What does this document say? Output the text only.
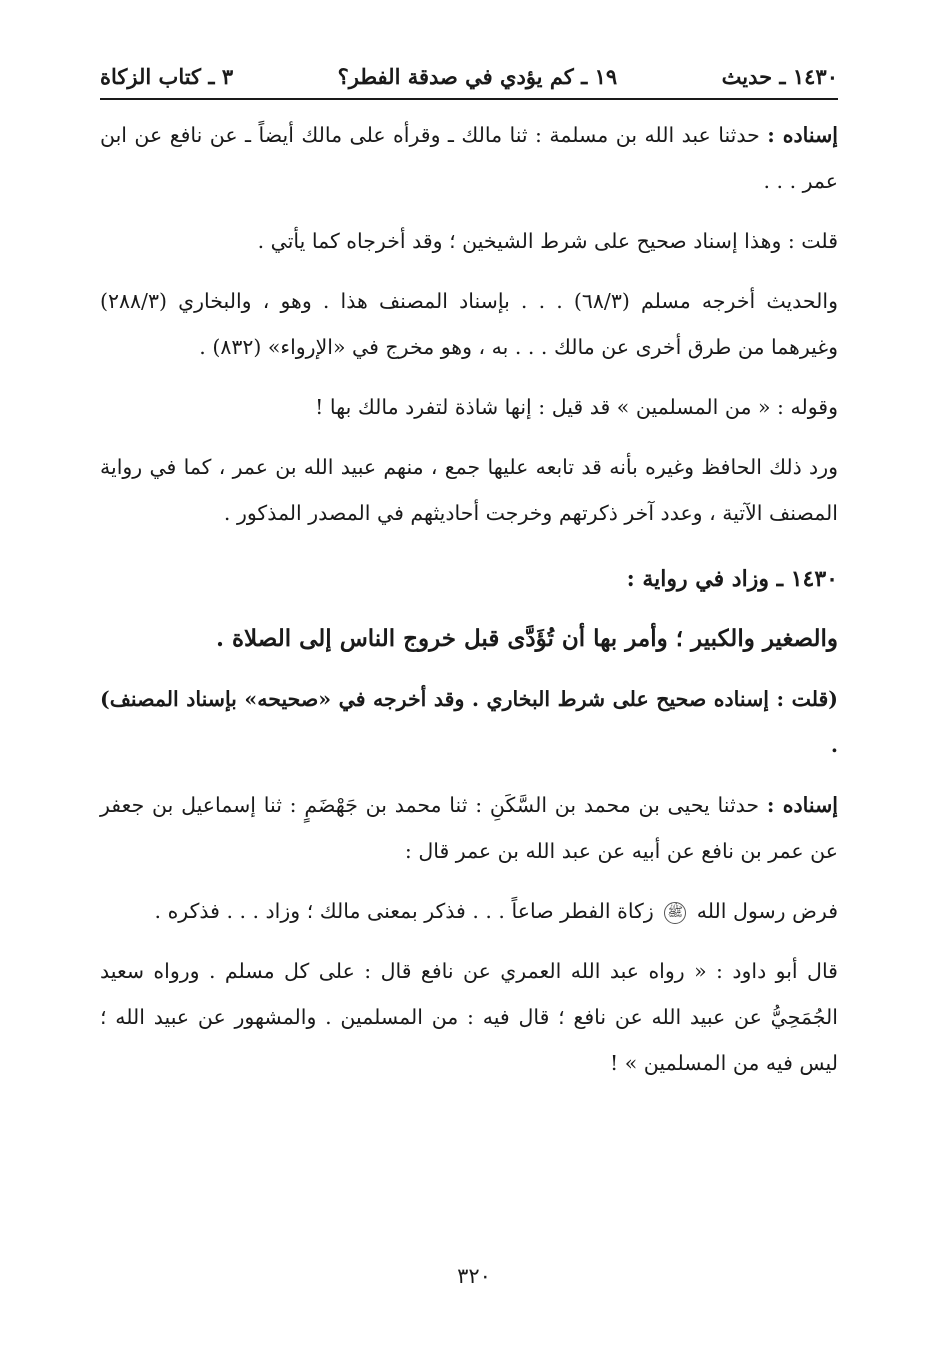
٣ ـ كتاب الزكاة	١٩ ـ كم يؤدي في صدقة الفطر؟	١٤٣٠ ـ حديث

إسناده : حدثنا عبد الله بن مسلمة : ثنا مالك ـ وقرأه على مالك أيضاً ـ عن نافع عن ابن عمر . . .

قلت : وهذا إسناد صحيح على شرط الشيخين ؛ وقد أخرجاه كما يأتي .

والحديث أخرجه مسلم (٦٨/٣) . . . بإسناد المصنف هذا . وهو ، والبخاري (٢٨٨/٣) وغيرهما من طرق أخرى عن مالك . . . به ، وهو مخرج في «الإرواء» (٨٣٢) .

وقوله : « من المسلمين » قد قيل : إنها شاذة لتفرد مالك بها !

ورد ذلك الحافظ وغيره بأنه قد تابعه عليها جمع ، منهم عبيد الله بن عمر ، كما في رواية المصنف الآتية ، وعدد آخر ذكرتهم وخرجت أحاديثهم في المصدر المذكور .

١٤٣٠ ـ وزاد في رواية :

والصغير والكبير ؛ وأمر بها أن تُؤَدَّى قبل خروج الناس إلى الصلاة .

(قلت : إسناده صحيح على شرط البخاري . وقد أخرجه في «صحيحه» بإسناد المصنف) .

إسناده : حدثنا يحيى بن محمد بن السَّكَنِ : ثنا محمد بن جَهْضَمٍ : ثنا إسماعيل بن جعفر عن عمر بن نافع عن أبيه عن عبد الله بن عمر قال :

فرض رسول الله ﷺ زكاة الفطر صاعاً . . . فذكر بمعنى مالك ؛ وزاد . . . فذكره .

قال أبو داود : « رواه عبد الله العمري عن نافع قال : على كل مسلم . ورواه سعيد الجُمَحِيُّ عن عبيد الله عن نافع ؛ قال فيه : من المسلمين . والمشهور عن عبيد الله ؛ ليس فيه من المسلمين » !

٣٢٠
